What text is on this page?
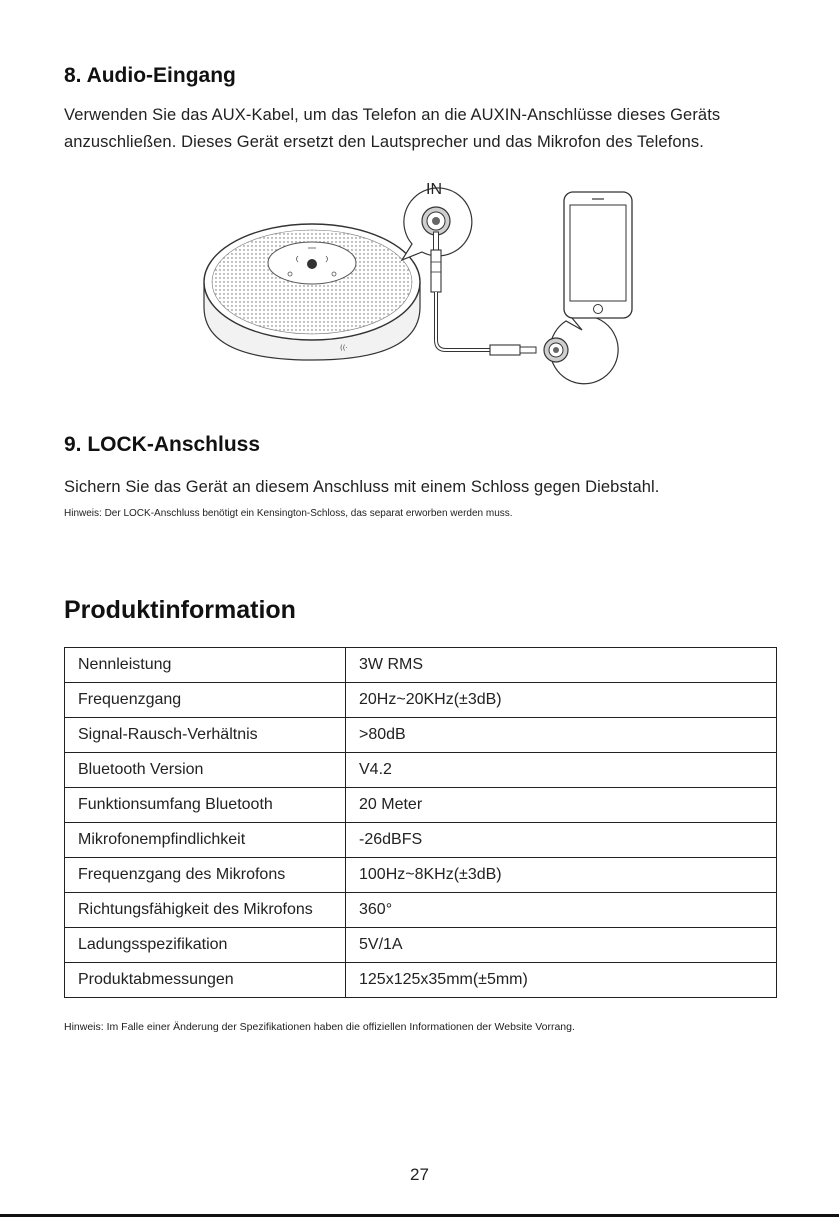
8. Audio-Eingang
Verwenden Sie das AUX-Kabel, um das Telefon an die AUXIN-Anschlüsse dieses Geräts
anzuschließen. Dieses Gerät ersetzt den Lautsprecher und das Mikrofon des Telefons.
((·
IN
9. LOCK-Anschluss
Sichern Sie das Gerät an diesem Anschluss mit einem Schloss gegen Diebstahl.
Hinweis: Der LOCK-Anschluss benötigt ein Kensington-Schloss, das separat erworben werden muss.
Produktinformation
Nennleistung	3W RMS
Frequenzgang	20Hz~20KHz(±3dB)
Signal-Rausch-Verhältnis	>80dB
Bluetooth Version	V4.2
Funktionsumfang Bluetooth	20 Meter
Mikrofonempfindlichkeit	-26dBFS
Frequenzgang des Mikrofons	100Hz~8KHz(±3dB)
Richtungsfähigkeit des Mikrofons	360°
Ladungsspezifikation	5V/1A
Produktabmessungen	125x125x35mm(±5mm)
Hinweis: Im Falle einer Änderung der Spezifikationen haben die offiziellen Informationen der Website Vorrang.
27
